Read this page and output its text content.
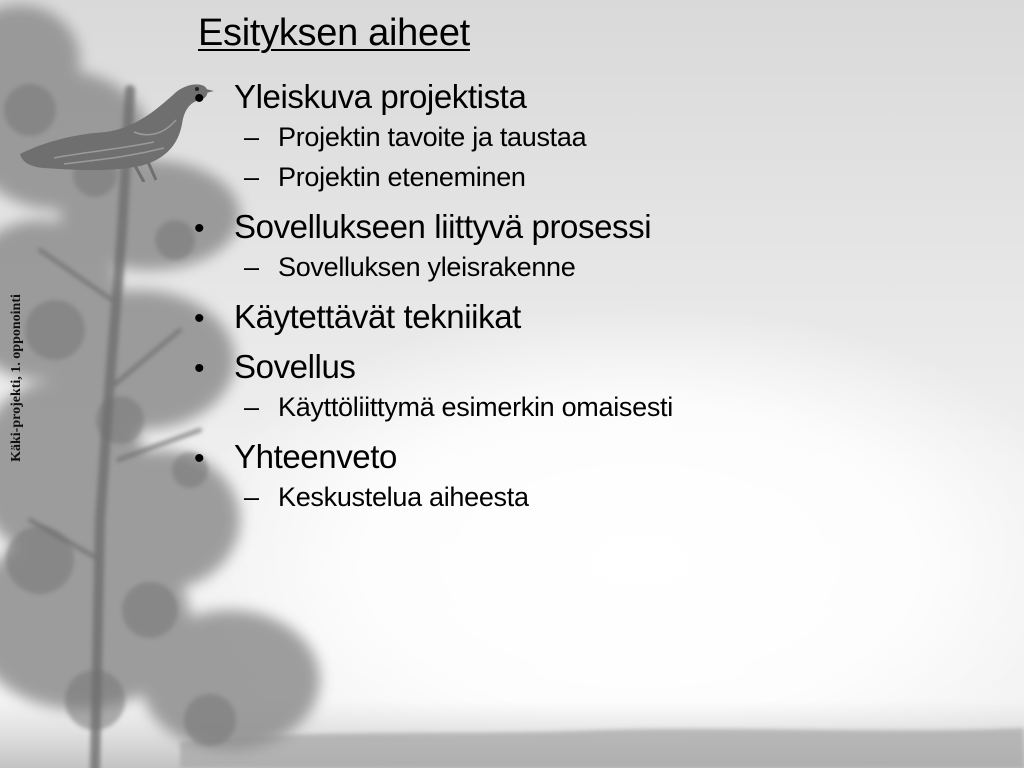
Käki-projekti, 1. opponointi
Esityksen aiheet
• Yleiskuva projektista
– Projektin tavoite ja taustaa
– Projektin eteneminen
• Sovellukseen liittyvä prosessi
– Sovelluksen yleisrakenne
• Käytettävät tekniikat
• Sovellus
– Käyttöliittymä esimerkin omaisesti
• Yhteenveto
– Keskustelua aiheesta
